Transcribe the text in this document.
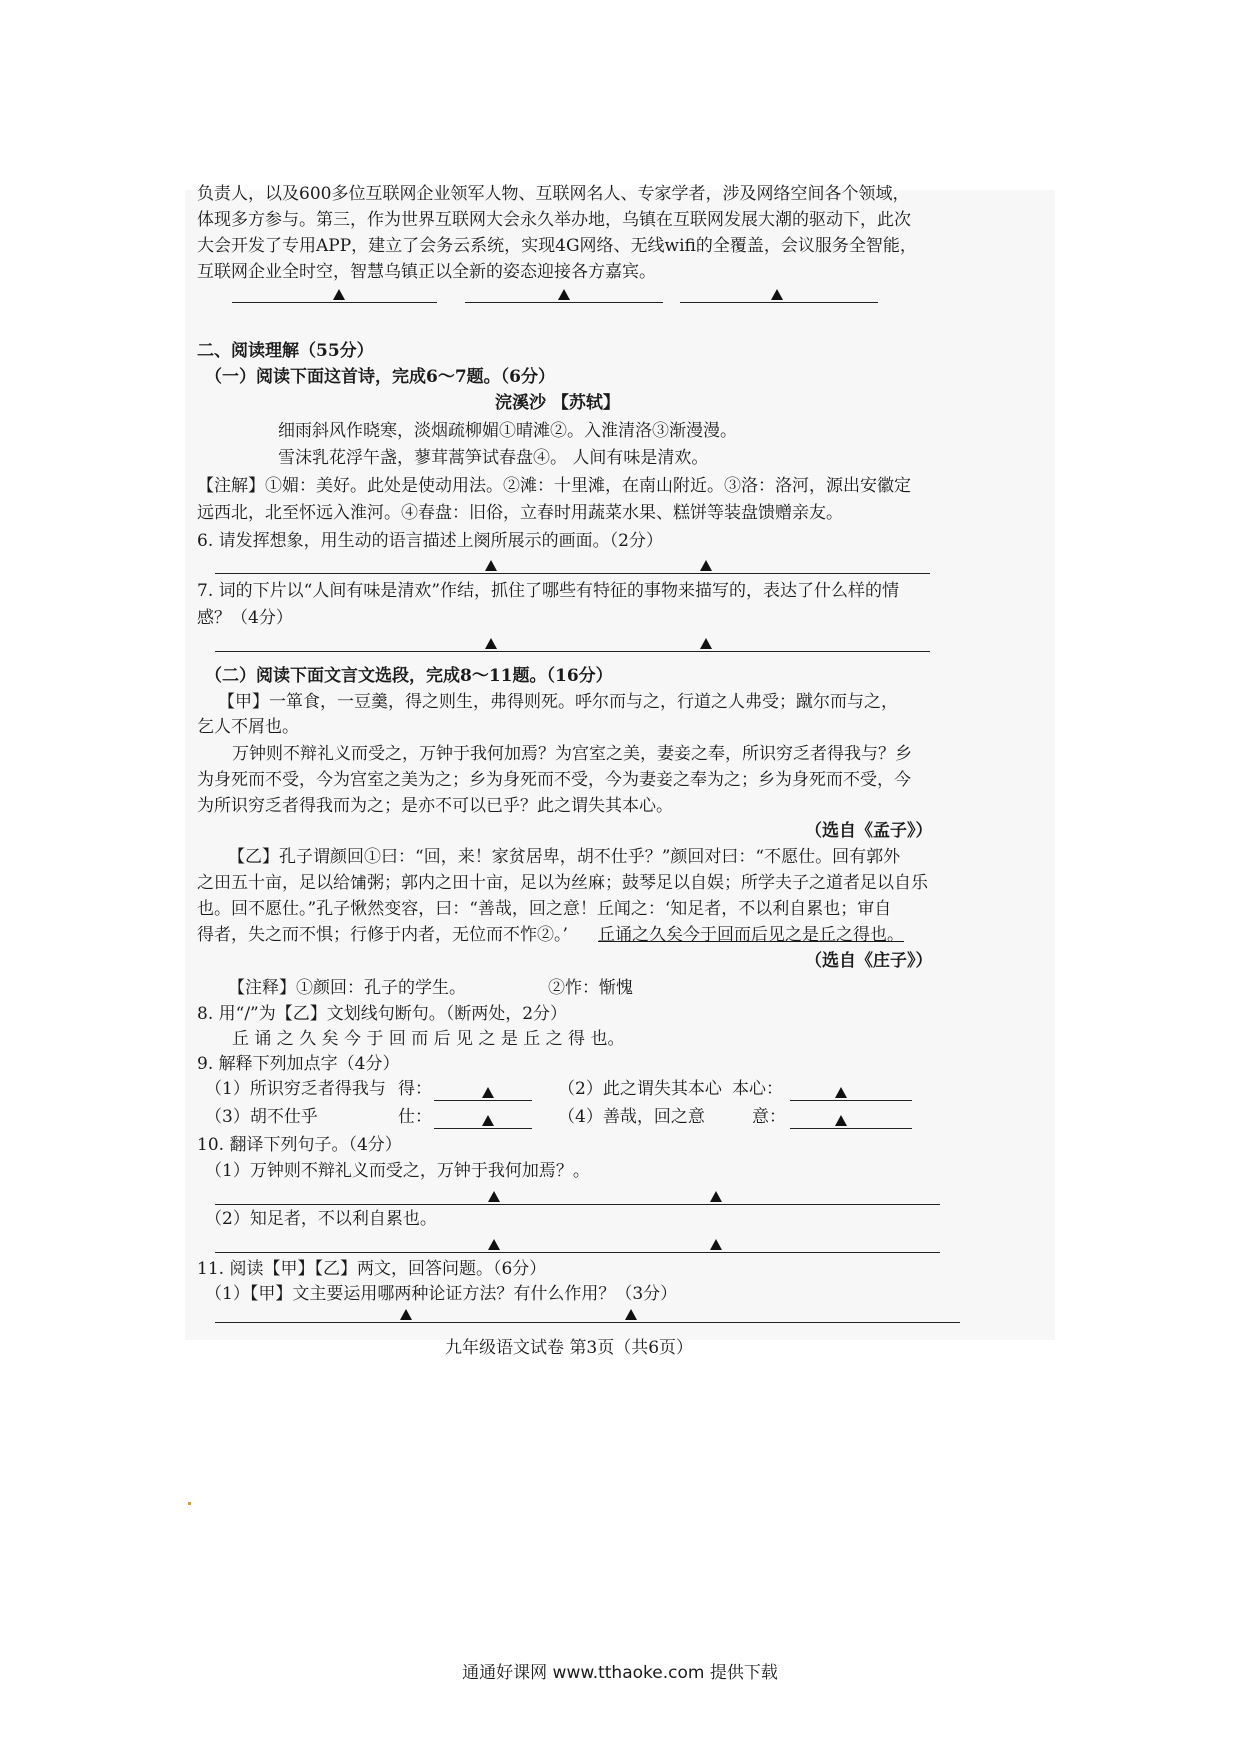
负责人，以及600多位互联网企业领军人物、互联网名人、专家学者，涉及网络空间各个领域，
体现多方参与。第三，作为世界互联网大会永久举办地，乌镇在互联网发展大潮的驱动下，此次
大会开发了专用APP，建立了会务云系统，实现4G网络、无线wifi的全覆盖，会议服务全智能，
互联网企业全时空，智慧乌镇正以全新的姿态迎接各方嘉宾。
二、阅读理解（55分）
（一）阅读下面这首诗，完成6～7题。（6分）
浣溪沙 【苏轼】
细雨斜风作晓寒，淡烟疏柳媚①晴滩②。入淮清洛③渐漫漫。
雪沫乳花浮午盏，蓼茸蒿笋试春盘④。 人间有味是清欢。
【注解】①媚：美好。此处是使动用法。②滩：十里滩，在南山附近。③洛：洛河，源出安徽定
远西北，北至怀远入淮河。④春盘：旧俗，立春时用蔬菜水果、糕饼等装盘馈赠亲友。
6. 请发挥想象，用生动的语言描述上阕所展示的画面。（2分）
7. 词的下片以“人间有味是清欢”作结，抓住了哪些有特征的事物来描写的，表达了什么样的情
感？（4分）
（二）阅读下面文言文选段，完成8～11题。（16分）
【甲】一箪食，一豆羹，得之则生，弗得则死。呼尔而与之，行道之人弗受；蹴尔而与之，
乞人不屑也。
万钟则不辩礼义而受之，万钟于我何加焉？为宫室之美，妻妾之奉，所识穷乏者得我与？乡
为身死而不受，今为宫室之美为之；乡为身死而不受，今为妻妾之奉为之；乡为身死而不受，今
为所识穷乏者得我而为之；是亦不可以已乎？此之谓失其本心。
（选自《孟子》）
【乙】孔子谓颜回①曰：“回，来！家贫居卑，胡不仕乎？”颜回对曰：“不愿仕。回有郭外
之田五十亩，足以给𫗦粥；郭内之田十亩，足以为丝麻；鼓琴足以自娱；所学夫子之道者足以自乐
也。回不愿仕。”孔子愀然变容，曰：“善哉，回之意！丘闻之：‘知足者，不以利自累也；审自
得者，失之而不惧；行修于内者，无位而不怍②。’ 丘诵之久矣今于回而后见之是丘之得也。
（选自《庄子》）
【注释】①颜回：孔子的学生。	②怍：惭愧
8. 用“/”为【乙】文划线句断句。（断两处，2分）
丘 诵 之 久 矣 今 于 回 而 后 见 之 是 丘 之 得 也。
9. 解释下列加点字（4分）
（1）所识穷乏者得我与 得：	（2）此之谓失其本心 本心：
（3）胡不仕乎	仕：	（4）善哉，回之意	意：
10. 翻译下列句子。（4分）
（1）万钟则不辩礼义而受之，万钟于我何加焉？。
（2）知足者，不以利自累也。
11. 阅读【甲】【乙】两文，回答问题。（6分）
（1）【甲】文主要运用哪两种论证方法？有什么作用？（3分）
九年级语文试卷 第3页（共6页）
通通好课网 www.tthaoke.com 提供下载
